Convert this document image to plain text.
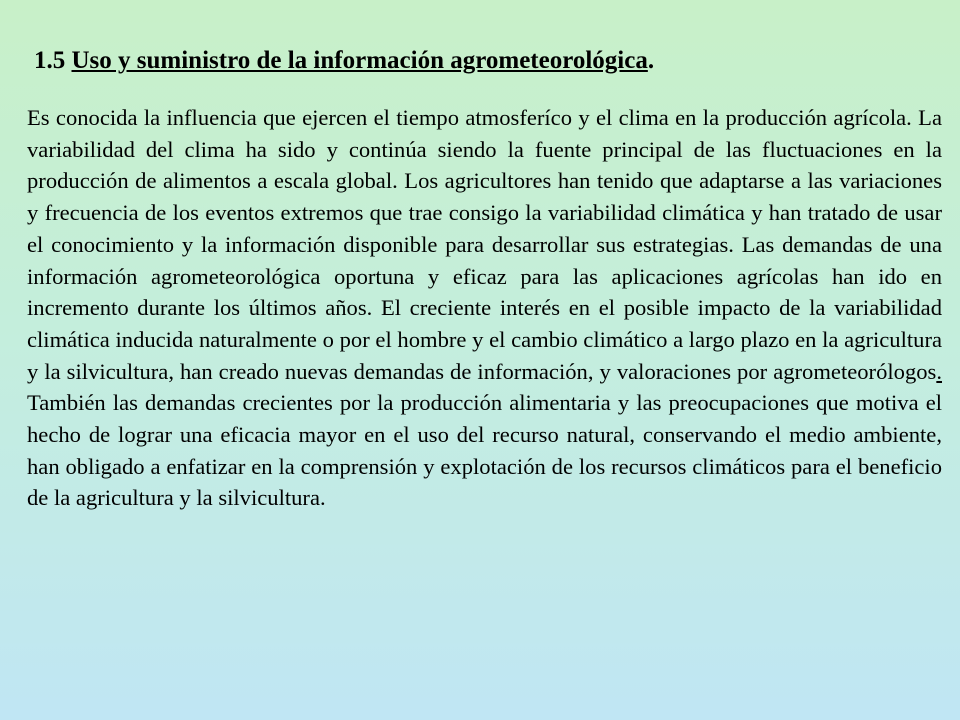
1.5 Uso y suministro de la información agrometeorológica.
Es conocida la influencia que ejercen el tiempo atmosferíco y el clima en la producción agrícola. La variabilidad del clima ha sido y continúa siendo la fuente principal de las fluctuaciones en la producción de alimentos a escala global. Los agricultores han tenido que adaptarse a las variaciones y frecuencia de los eventos extremos que trae consigo la variabilidad climática y han tratado de usar el conocimiento y la información disponible para desarrollar sus estrategias. Las demandas de una información agrometeorológica oportuna y eficaz para las aplicaciones agrícolas han ido en incremento durante los últimos años. El creciente interés en el posible impacto de la variabilidad climática inducida naturalmente o por el hombre y el cambio climático a largo plazo en la agricultura y la silvicultura, han creado nuevas demandas de información, y valoraciones por agrometeorólogos. También las demandas crecientes por la producción alimentaria y las preocupaciones que motiva el hecho de lograr una eficacia mayor en el uso del recurso natural, conservando el medio ambiente, han obligado a enfatizar en la comprensión y explotación de los recursos climáticos para el beneficio de la agricultura y la silvicultura.
